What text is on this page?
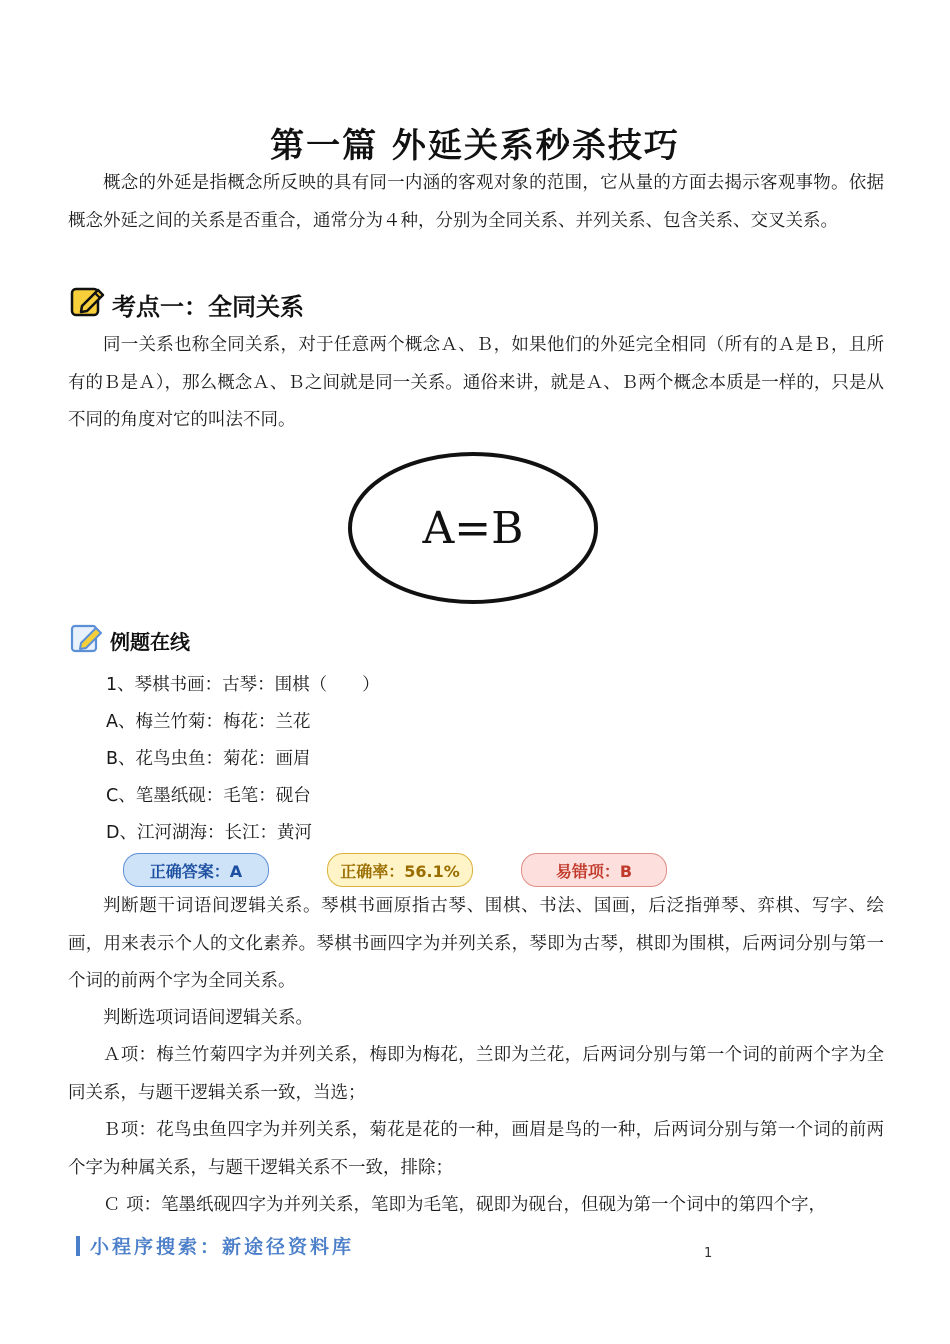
第一篇 外延关系秒杀技巧
概念的外延是指概念所反映的具有同一内涵的客观对象的范围，它从量的方面去揭示客观事物。依据概念外延之间的关系是否重合，通常分为４种，分别为全同关系、并列关系、包含关系、交叉关系。
考点一：全同关系
同一关系也称全同关系，对于任意两个概念Ａ、Ｂ，如果他们的外延完全相同（所有的Ａ是Ｂ，且所有的Ｂ是Ａ），那么概念Ａ、Ｂ之间就是同一关系。通俗来讲，就是Ａ、Ｂ两个概念本质是一样的，只是从不同的角度对它的叫法不同。
A=B
例题在线
1、琴棋书画：古琴：围棋（　　）
A、梅兰竹菊：梅花：兰花
B、花鸟虫鱼：菊花：画眉
C、笔墨纸砚：毛笔：砚台
D、江河湖海：长江：黄河
正确答案：A	正确率：56.1%	易错项：B
判断题干词语间逻辑关系。琴棋书画原指古琴、围棋、书法、国画，后泛指弹琴、弈棋、写字、绘画，用来表示个人的文化素养。琴棋书画四字为并列关系，琴即为古琴，棋即为围棋，后两词分别与第一个词的前两个字为全同关系。
判断选项词语间逻辑关系。
Ａ项：梅兰竹菊四字为并列关系，梅即为梅花，兰即为兰花，后两词分别与第一个词的前两个字为全同关系，与题干逻辑关系一致，当选；
Ｂ项：花鸟虫鱼四字为并列关系，菊花是花的一种，画眉是鸟的一种，后两词分别与第一个词的前两个字为种属关系，与题干逻辑关系不一致，排除；
Ｃ 项：笔墨纸砚四字为并列关系，笔即为毛笔，砚即为砚台，但砚为第一个词中的第四个字，
小程序搜索：新途径资料库	1
